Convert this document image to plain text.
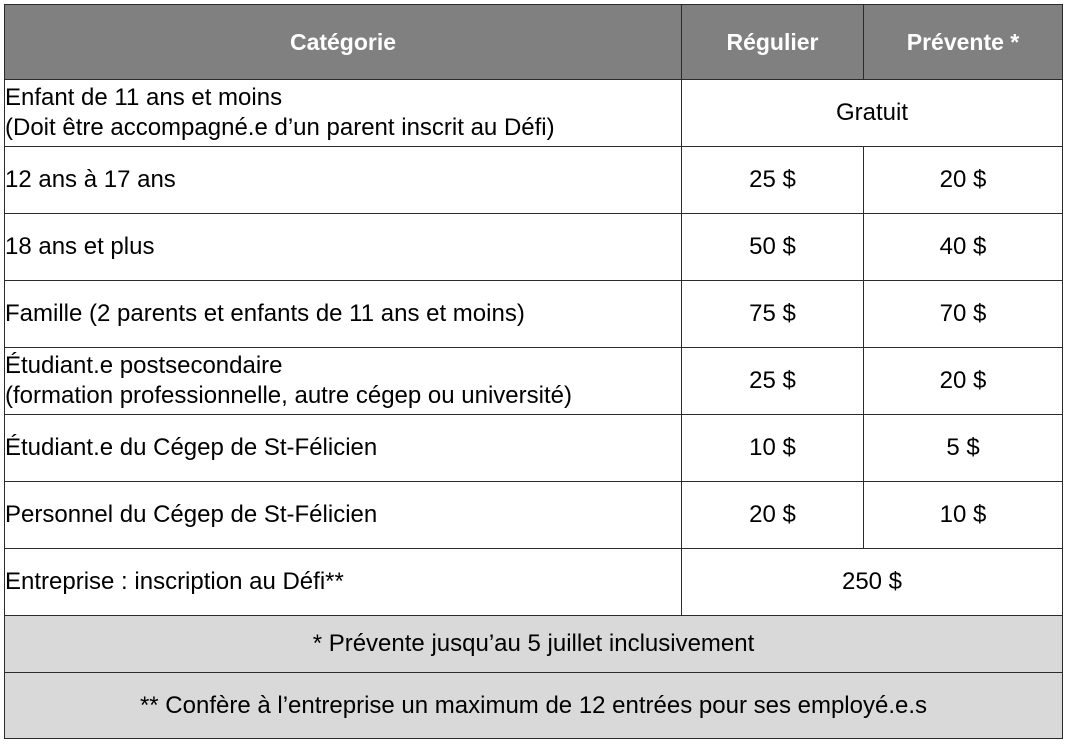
Catégorie	Régulier	Prévente *

Enfant de 11 ans et moins
(Doit être accompagné.e d’un parent inscrit au Défi)	Gratuit	
12 ans à 17 ans	25 $	20 $
18 ans et plus	50 $	40 $
Famille (2 parents et enfants de 11 ans et moins)	75 $	70 $

Étudiant.e postsecondaire
(formation professionnelle, autre cégep ou université)	25 $	20 $
Étudiant.e du Cégep de St-Félicien	10 $	5 $
Personnel du Cégep de St-Félicien	20 $	10 $
Entreprise : inscription au Défi**	250 $	
* Prévente jusqu’au 5 juillet inclusivement		
** Confère à l’entreprise un maximum de 12 entrées pour ses employé.e.s		
